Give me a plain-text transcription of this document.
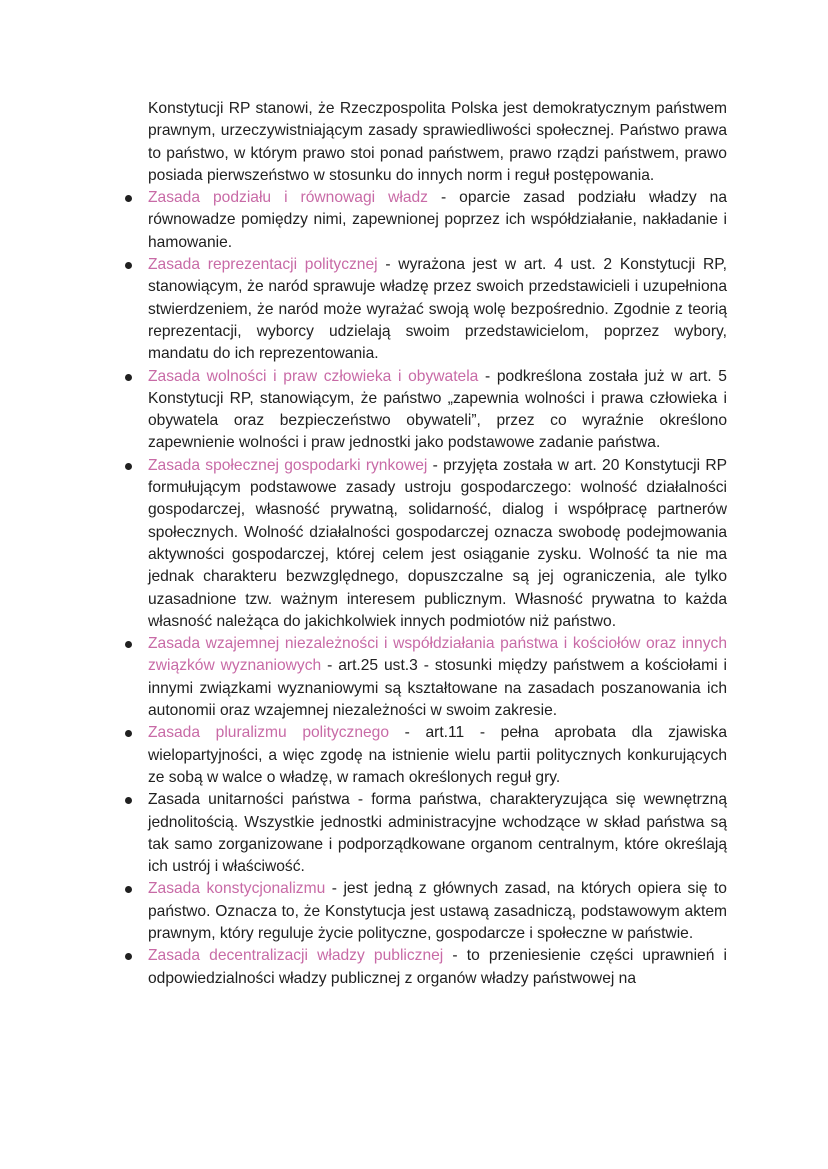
Konstytucji RP stanowi, że Rzeczpospolita Polska jest demokratycznym państwem prawnym, urzeczywistniającym zasady sprawiedliwości społecznej. Państwo prawa to państwo, w którym prawo stoi ponad państwem, prawo rządzi państwem, prawo posiada pierwszeństwo w stosunku do innych norm i reguł postępowania.

Zasada podziału i równowagi władz - oparcie zasad podziału władzy na równowadze pomiędzy nimi, zapewnionej poprzez ich współdziałanie, nakładanie i hamowanie.
Zasada reprezentacji politycznej - wyrażona jest w art. 4 ust. 2 Konstytucji RP, stanowiącym, że naród sprawuje władzę przez swoich przedstawicieli i uzupełniona stwierdzeniem, że naród może wyrażać swoją wolę bezpośrednio. Zgodnie z teorią reprezentacji, wyborcy udzielają swoim przedstawicielom, poprzez wybory, mandatu do ich reprezentowania.
Zasada wolności i praw człowieka i obywatela - podkreślona została już w art. 5 Konstytucji RP, stanowiącym, że państwo „zapewnia wolności i prawa człowieka i obywatela oraz bezpieczeństwo obywateli”, przez co wyraźnie określono zapewnienie wolności i praw jednostki jako podstawowe zadanie państwa.
Zasada społecznej gospodarki rynkowej - przyjęta została w art. 20 Konstytucji RP formułującym podstawowe zasady ustroju gospodarczego: wolność działalności gospodarczej, własność prywatną, solidarność, dialog i współpracę partnerów społecznych. Wolność działalności gospodarczej oznacza swobodę podejmowania aktywności gospodarczej, której celem jest osiąganie zysku. Wolność ta nie ma jednak charakteru bezwzględnego, dopuszczalne są jej ograniczenia, ale tylko uzasadnione tzw. ważnym interesem publicznym. Własność prywatna to każda własność należąca do jakichkolwiek innych podmiotów niż państwo.
Zasada wzajemnej niezależności i współdziałania państwa i kościołów oraz innych związków wyznaniowych - art.25 ust.3 - stosunki między państwem a kościołami i innymi związkami wyznaniowymi są kształtowane na zasadach poszanowania ich autonomii oraz wzajemnej niezależności w swoim zakresie.
Zasada pluralizmu politycznego - art.11 - pełna aprobata dla zjawiska wielopartyjności, a więc zgodę na istnienie wielu partii politycznych konkurujących ze sobą w walce o władzę, w ramach określonych reguł gry.
Zasada unitarności państwa - forma państwa, charakteryzująca się wewnętrzną jednolitością. Wszystkie jednostki administracyjne wchodzące w skład państwa są tak samo zorganizowane i podporządkowane organom centralnym, które określają ich ustrój i właściwość.
Zasada konstycjonalizmu - jest jedną z głównych zasad, na których opiera się to państwo. Oznacza to, że Konstytucja jest ustawą zasadniczą, podstawowym aktem prawnym, który reguluje życie polityczne, gospodarcze i społeczne w państwie.
Zasada decentralizacji władzy publicznej - to przeniesienie części uprawnień i odpowiedzialności władzy publicznej z organów władzy państwowej na
